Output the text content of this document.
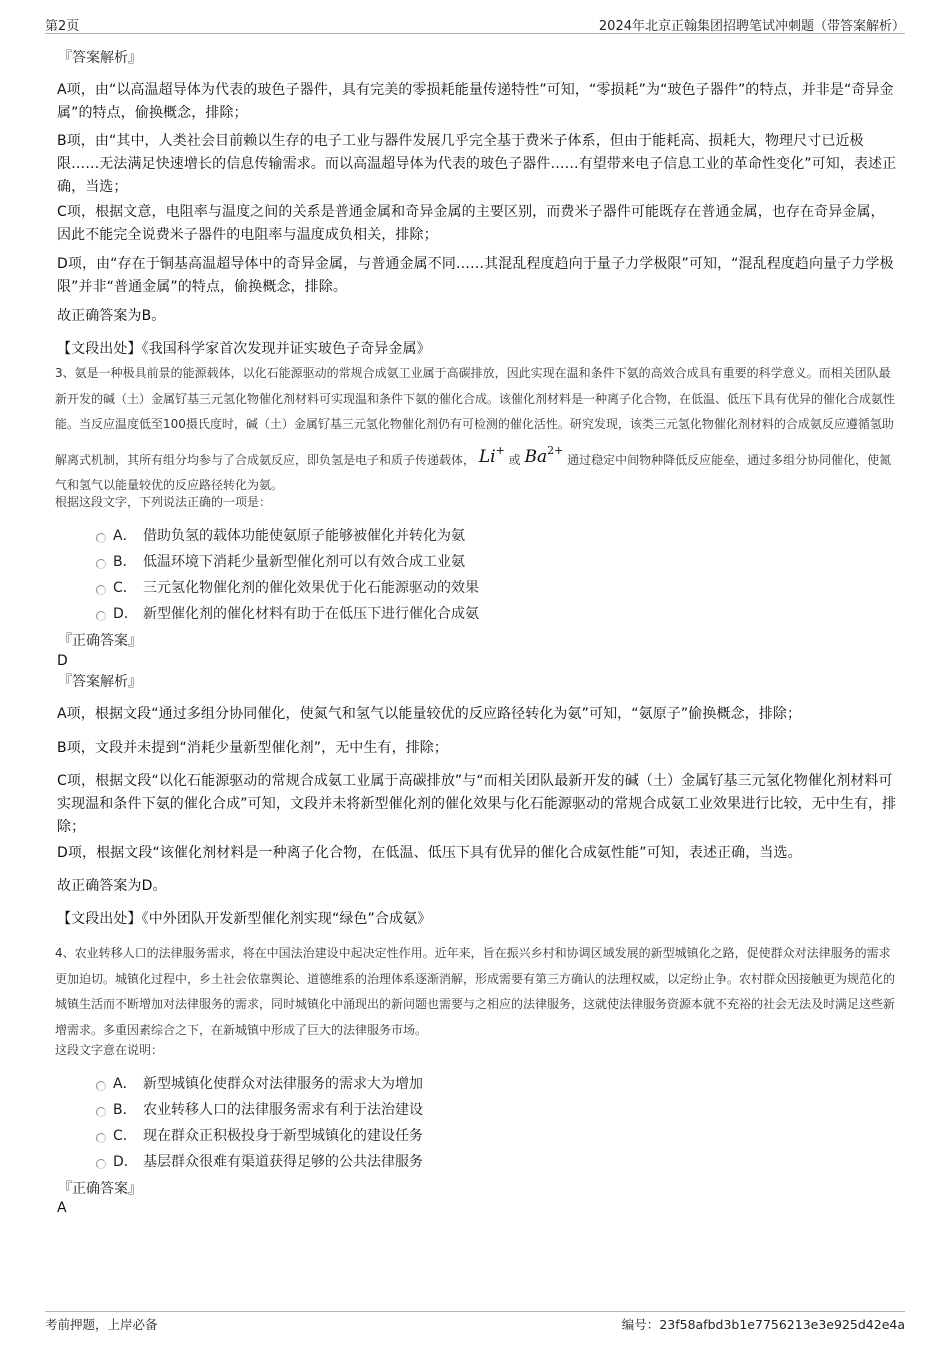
第2页	2024年北京正翰集团招聘笔试冲刺题（带答案解析）
『答案解析』
A项，由“以高温超导体为代表的玻色子器件，具有完美的零损耗能量传递特性”可知，“零损耗”为“玻色子器件”的特点，并非是“奇异金属”的特点，偷换概念，排除；
B项，由“其中，人类社会目前赖以生存的电子工业与器件发展几乎完全基于费米子体系，但由于能耗高、损耗大，物理尺寸已近极限……无法满足快速增长的信息传输需求。而以高温超导体为代表的玻色子器件……有望带来电子信息工业的革命性变化”可知，表述正确，当选；
C项，根据文意，电阻率与温度之间的关系是普通金属和奇异金属的主要区别，而费米子器件可能既存在普通金属，也存在奇异金属，因此不能完全说费米子器件的电阻率与温度成负相关，排除；
D项，由“存在于铜基高温超导体中的奇异金属，与普通金属不同……其混乱程度趋向于量子力学极限”可知，“混乱程度趋向量子力学极限”并非“普通金属”的特点，偷换概念，排除。
故正确答案为B。
【文段出处】《我国科学家首次发现并证实玻色子奇异金属》
3、氨是一种极具前景的能源载体，以化石能源驱动的常规合成氨工业属于高碳排放，因此实现在温和条件下氨的高效合成具有重要的科学意义。而相关团队最新开发的碱（土）金属钌基三元氢化物催化剂材料可实现温和条件下氨的催化合成。该催化剂材料是一种离子化合物，在低温、低压下具有优异的催化合成氨性能。当反应温度低至100摄氏度时，碱（土）金属钌基三元氢化物催化剂仍有可检测的催化活性。研究发现，该类三元氢化物催化剂材料的合成氨反应遵循氢助解离式机制，其所有组分均参与了合成氨反应，即负氢是电子和质子传递载体， Li+ 或 $Ba^{2+}$ 通过稳定中间物种降低反应能垒，通过多组分协同催化，使氮气和氢气以能量较优的反应路径转化为氨。
根据这段文字，下列说法正确的一项是：
A． 借助负氢的载体功能使氨原子能够被催化并转化为氨
B． 低温环境下消耗少量新型催化剂可以有效合成工业氨
C． 三元氢化物催化剂的催化效果优于化石能源驱动的效果
D． 新型催化剂的催化材料有助于在低压下进行催化合成氨
『正确答案』
D
『答案解析』
A项，根据文段“通过多组分协同催化，使氮气和氢气以能量较优的反应路径转化为氨”可知，“氨原子”偷换概念，排除；
B项，文段并未提到“消耗少量新型催化剂”，无中生有，排除；
C项，根据文段“以化石能源驱动的常规合成氨工业属于高碳排放”与“而相关团队最新开发的碱（土）金属钌基三元氢化物催化剂材料可实现温和条件下氨的催化合成”可知，文段并未将新型催化剂的催化效果与化石能源驱动的常规合成氨工业效果进行比较，无中生有，排除；
D项，根据文段“该催化剂材料是一种离子化合物，在低温、低压下具有优异的催化合成氨性能”可知，表述正确，当选。
故正确答案为D。
【文段出处】《中外团队开发新型催化剂实现“绿色”合成氨》
4、农业转移人口的法律服务需求，将在中国法治建设中起决定性作用。近年来，旨在振兴乡村和协调区域发展的新型城镇化之路，促使群众对法律服务的需求更加迫切。城镇化过程中，乡土社会依靠舆论、道德维系的治理体系逐渐消解，形成需要有第三方确认的法理权威，以定纷止争。农村群众因接触更为规范化的城镇生活而不断增加对法律服务的需求，同时城镇化中涌现出的新问题也需要与之相应的法律服务，这就使法律服务资源本就不充裕的社会无法及时满足这些新增需求。多重因素综合之下，在新城镇中形成了巨大的法律服务市场。
这段文字意在说明：
A． 新型城镇化使群众对法律服务的需求大为增加
B． 农业转移人口的法律服务需求有利于法治建设
C． 现在群众正积极投身于新型城镇化的建设任务
D． 基层群众很难有渠道获得足够的公共法律服务
『正确答案』
A
考前押题，上岸必备	编号：23f58afbd3b1e7756213e3e925d42e4a
